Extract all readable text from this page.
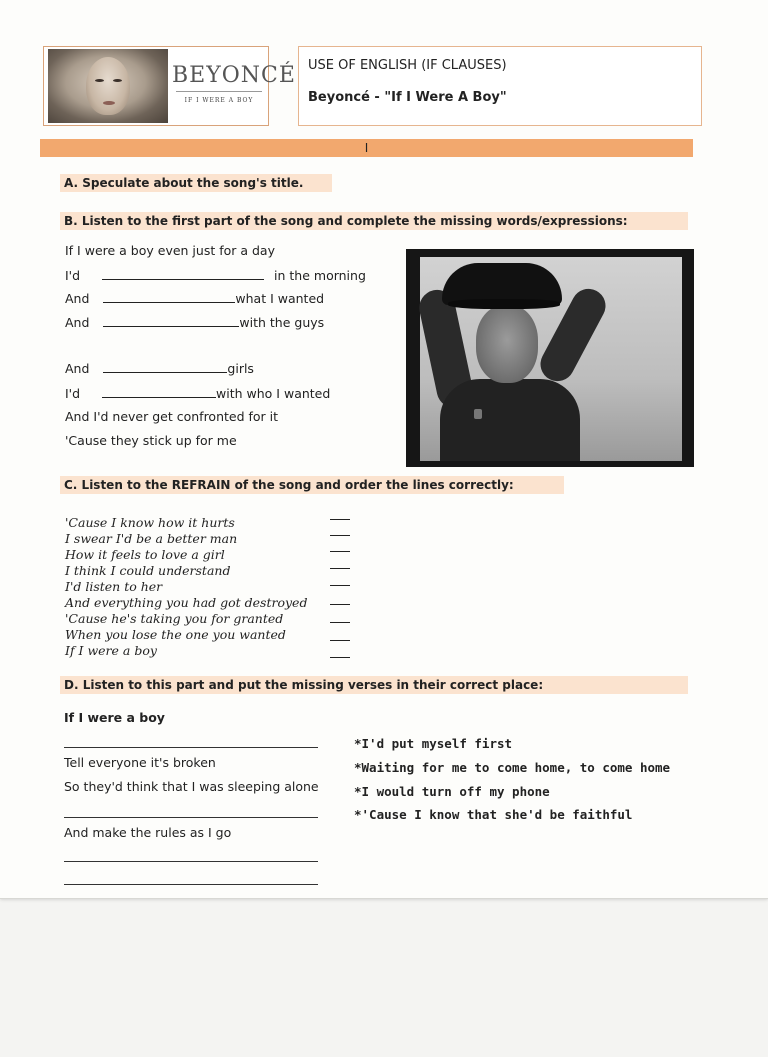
BEYONCÉ
IF I WERE A BOY
USE OF ENGLISH (IF CLAUSES)
Beyoncé - "If I Were A Boy"
I
A. Speculate about the song's title.
B. Listen to the first part of the song and complete the missing words/expressions:
If I were a boy even just for a day
I'd	in the morning
And	what I wanted
And	with the guys
And	girls
I'd	with who I wanted
And I'd never get confronted for it
'Cause they stick up for me
C. Listen to the REFRAIN of the song and order the lines correctly:
'Cause I know how it hurts
I swear I'd be a better man
How it feels to love a girl
I think I could understand
I'd listen to her
And everything you had got destroyed
'Cause he's taking you for granted
When you lose the one you wanted
If I were a boy
D. Listen to this part and put the missing verses in their correct place:
If I were a boy
Tell everyone it's broken
So they'd think that I was sleeping alone
And make the rules as I go
*I'd put myself first
*Waiting for me to come home, to come home
*I would turn off my phone
*'Cause I know that she'd be faithful
